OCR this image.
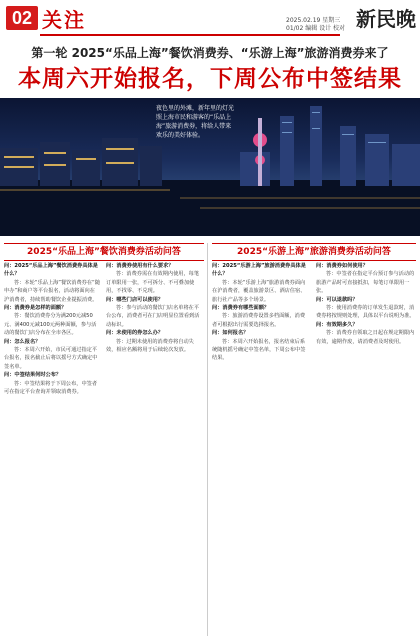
02 关注	2025.02.19 星期三
01/02 编辑 设计 校对 新民晚
第一轮 2025“乐品上海”餐饮消费券、“乐游上海”旅游消费券来了
本周六开始报名，下周公布中签结果
夜色里的外滩，新年里的灯光照上海市民和游客的“乐品上海”旅游消费券，将给人带来欢乐的美好体验。
2025“乐品上海”餐饮消费券活动问答	2025“乐游上海”旅游消费券活动问答

问：2025“乐品上海”餐饮消费券具体是什么？

答：本轮“乐品上海”餐饮消费券在“随申办”和商户等平台报名，活动将面向在沪消费者，持续帮助餐饮企业提振消费。

问：消费券是怎样的面额？

答：餐饮消费券分为满200元减50元、满400元减100元两种面额，参与活动的餐饮门店分布在全市各区。

问：怎么报名？

答：本周六开始，市民可通过指定平台报名，报名截止后将以摇号方式确定中签名单。

问：中签结果何时公布？

答：中签结果将于下周公布，中签者可在指定平台查询并领取消费券。

问：消费券使用有什么要求？

答：消费券需在有效期内使用，每笔订单限用一张，不可拆分、不可叠加使用，不找零、不兑现。

问：哪些门店可以使用？

答：参与活动的餐饮门店名单将在平台公布，消费者可在门店明显位置看到活动标识。

问：未使用的券怎么办？

答：过期未使用的消费券将自动失效，相应名额将用于后续轮次发放。

问：2025“乐游上海”旅游消费券具体是什么？

答：本轮“乐游上海”旅游消费券面向在沪消费者，覆盖旅游景区、酒店住宿、旅行社产品等多个场景。

问：消费券有哪些面额？

答：旅游消费券设置多档面额，消费者可根据出行需要选择报名。

问：如何报名？

答：本周六开始报名，报名结束后系统随机摇号确定中签名单，下周公布中签结果。

问：消费券如何使用？

答：中签者在指定平台预订参与活动的旅游产品时可直接抵扣，每笔订单限用一张。

问：可以退款吗？

答：使用消费券的订单发生退款时，消费券将按规则处理，具体以平台说明为准。

问：有效期多久？

答：消费券自领取之日起在规定期限内有效，逾期作废，请消费者及时使用。
